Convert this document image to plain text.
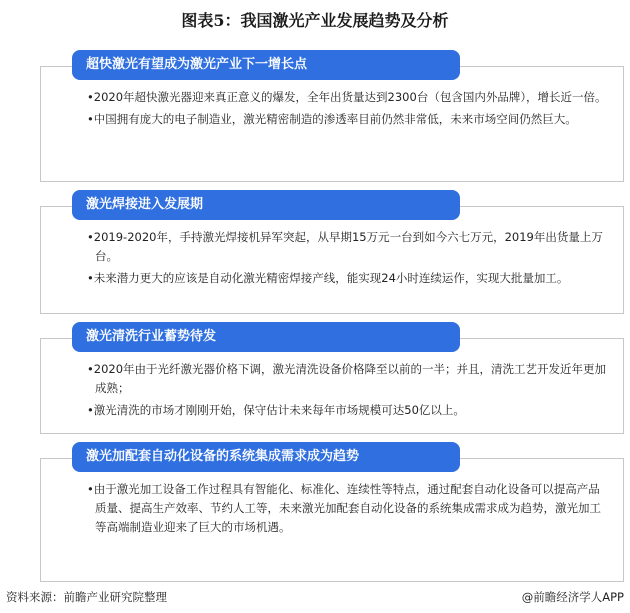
图表5：我国激光产业发展趋势及分析
超快激光有望成为激光产业下一增长点
•2020年超快激光器迎来真正意义的爆发，全年出货量达到2300台（包含国内外品牌），增长近一倍。
•中国拥有庞大的电子制造业，激光精密制造的渗透率目前仍然非常低，未来市场空间仍然巨大。
激光焊接进入发展期
•2019-2020年，手持激光焊接机异军突起，从早期15万元一台到如今六七万元，2019年出货量上万台。
•未来潜力更大的应该是自动化激光精密焊接产线，能实现24小时连续运作，实现大批量加工。
激光清洗行业蓄势待发
•2020年由于光纤激光器价格下调，激光清洗设备价格降至以前的一半；并且，清洗工艺开发近年更加成熟；
•激光清洗的市场才刚刚开始，保守估计未来每年市场规模可达50亿以上。
激光加配套自动化设备的系统集成需求成为趋势
•由于激光加工设备工作过程具有智能化、标准化、连续性等特点，通过配套自动化设备可以提高产品质量、提高生产效率、节约人工等，未来激光加配套自动化设备的系统集成需求成为趋势，激光加工等高端制造业迎来了巨大的市场机遇。
资料来源：前瞻产业研究院整理	@前瞻经济学人APP
